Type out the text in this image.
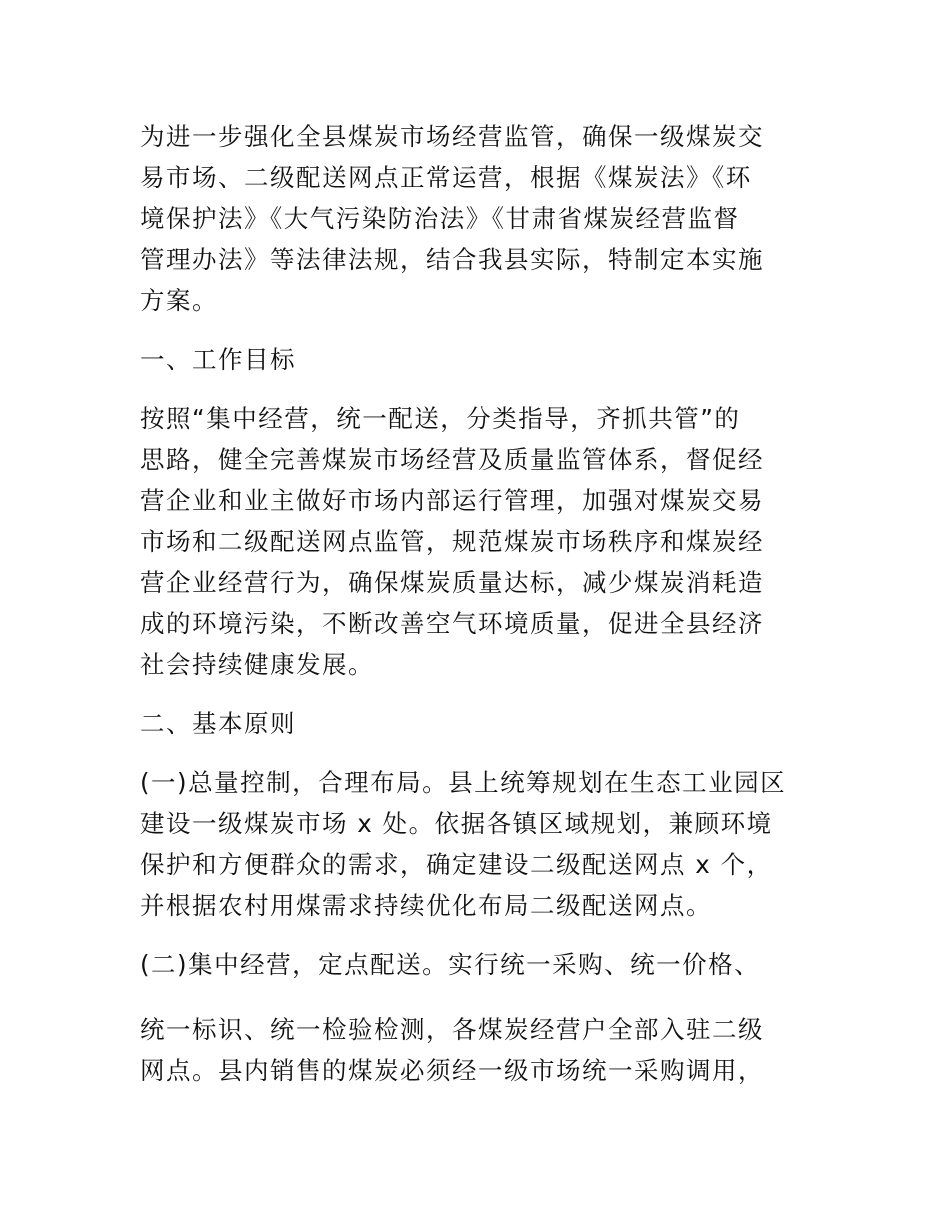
为进一步强化全县煤炭市场经营监管，确保一级煤炭交
易市场、二级配送网点正常运营，根据《煤炭法》《环
境保护法》《大气污染防治法》《甘肃省煤炭经营监督
管理办法》等法律法规，结合我县实际，特制定本实施
方案。
一、工作目标
按照“集中经营，统一配送，分类指导，齐抓共管”的
思路，健全完善煤炭市场经营及质量监管体系，督促经
营企业和业主做好市场内部运行管理，加强对煤炭交易
市场和二级配送网点监管，规范煤炭市场秩序和煤炭经
营企业经营行为，确保煤炭质量达标，减少煤炭消耗造
成的环境污染，不断改善空气环境质量，促进全县经济
社会持续健康发展。
二、基本原则
(一)总量控制，合理布局。县上统筹规划在生态工业园区
建设一级煤炭市场 x 处。依据各镇区域规划，兼顾环境
保护和方便群众的需求，确定建设二级配送网点 x 个，
并根据农村用煤需求持续优化布局二级配送网点。
(二)集中经营，定点配送。实行统一采购、统一价格、
统一标识、统一检验检测，各煤炭经营户全部入驻二级
网点。县内销售的煤炭必须经一级市场统一采购调用，
